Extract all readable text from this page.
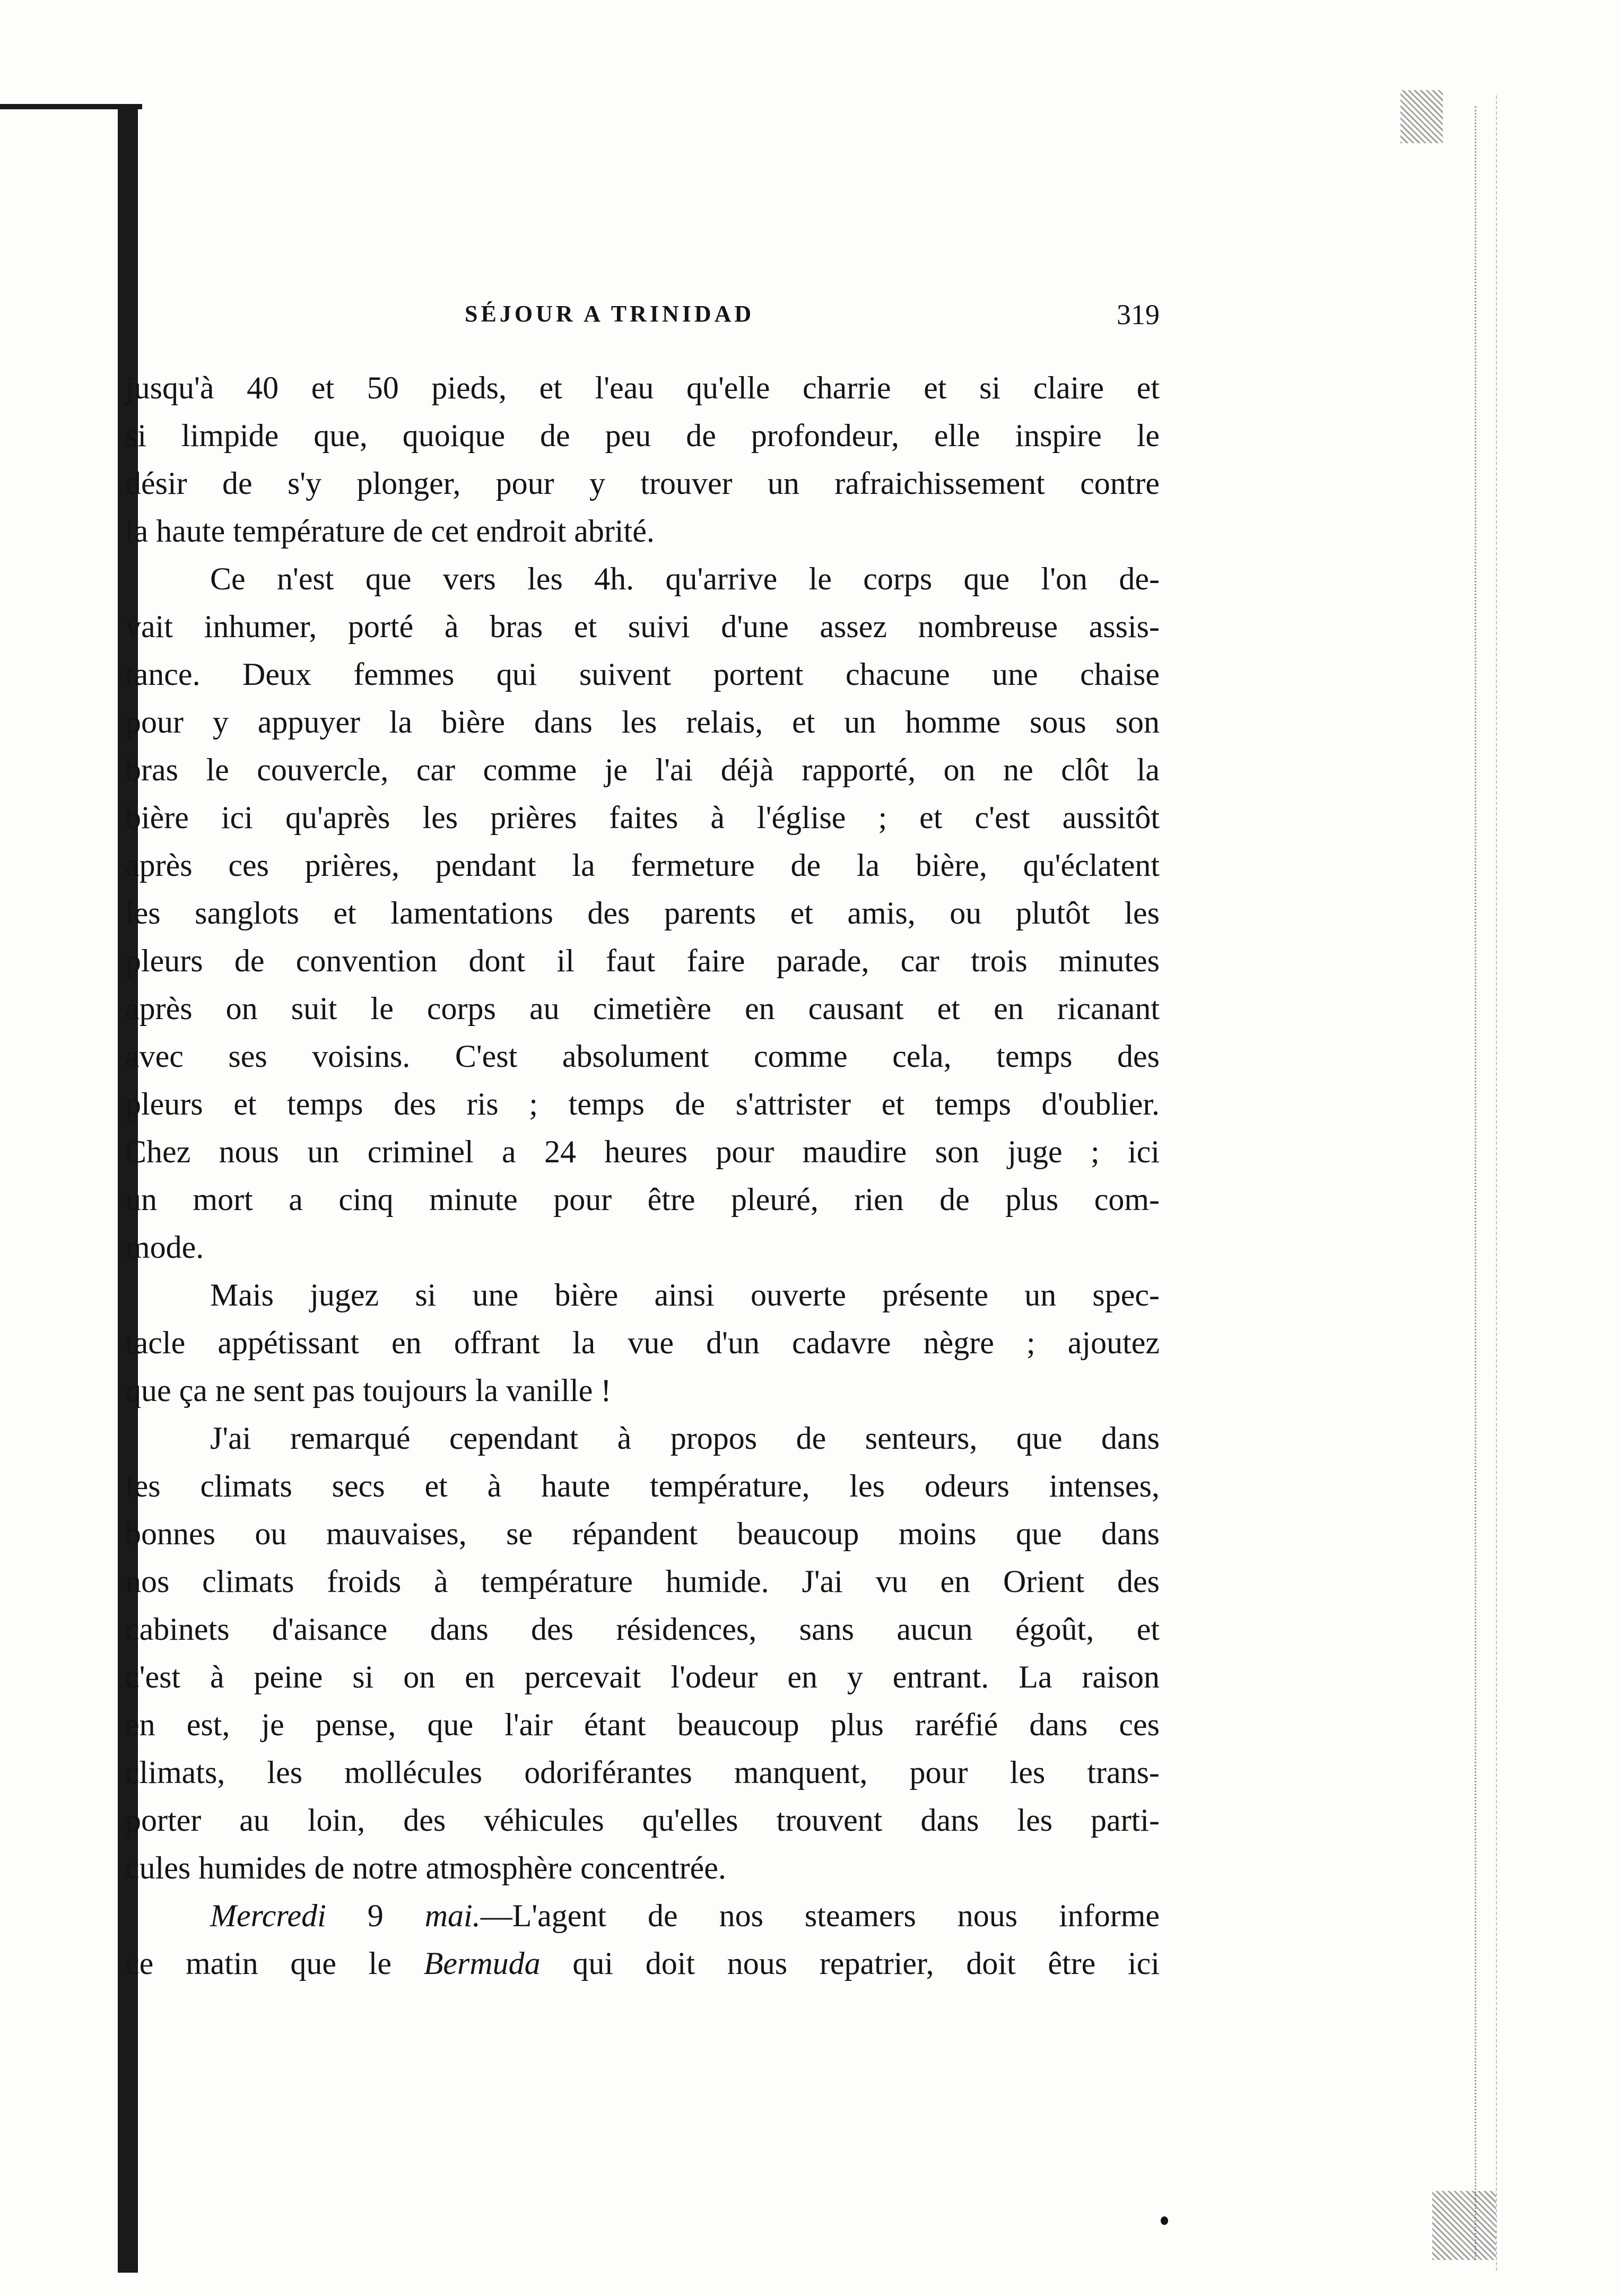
SÉJOUR A TRINIDAD	319
jusqu'à 40 et 50 pieds, et l'eau qu'elle charrie et si claire et
si limpide que, quoique de peu de profondeur, elle inspire le
désir de s'y plonger, pour y trouver un rafraichissement contre
la haute température de cet endroit abrité.
Ce n'est que vers les 4h. qu'arrive le corps que l'on de-
vait inhumer, porté à bras et suivi d'une assez nombreuse assis-
tance. Deux femmes qui suivent portent chacune une chaise
pour y appuyer la bière dans les relais, et un homme sous son
bras le couvercle, car comme je l'ai déjà rapporté, on ne clôt la
bière ici qu'après les prières faites à l'église ; et c'est aussitôt
après ces prières, pendant la fermeture de la bière, qu'éclatent
les sanglots et lamentations des parents et amis, ou plutôt les
pleurs de convention dont il faut faire parade, car trois minutes
après on suit le corps au cimetière en causant et en ricanant
avec ses voisins. C'est absolument comme cela, temps des
pleurs et temps des ris ; temps de s'attrister et temps d'oublier.
Chez nous un criminel a 24 heures pour maudire son juge ; ici
un mort a cinq minute pour être pleuré, rien de plus com-
mode.
Mais jugez si une bière ainsi ouverte présente un spec-
tacle appétissant en offrant la vue d'un cadavre nègre ; ajoutez
que ça ne sent pas toujours la vanille !
J'ai remarqué cependant à propos de senteurs, que dans
les climats secs et à haute température, les odeurs intenses,
bonnes ou mauvaises, se répandent beaucoup moins que dans
nos climats froids à température humide. J'ai vu en Orient des
cabinets d'aisance dans des résidences, sans aucun égoût, et
c'est à peine si on en percevait l'odeur en y entrant. La raison
en est, je pense, que l'air étant beaucoup plus raréfié dans ces
climats, les mollécules odoriférantes manquent, pour les trans-
porter au loin, des véhicules qu'elles trouvent dans les parti-
cules humides de notre atmosphère concentrée.
Mercredi 9 mai.—L'agent de nos steamers nous informe
ce matin que le Bermuda qui doit nous repatrier, doit être ici
